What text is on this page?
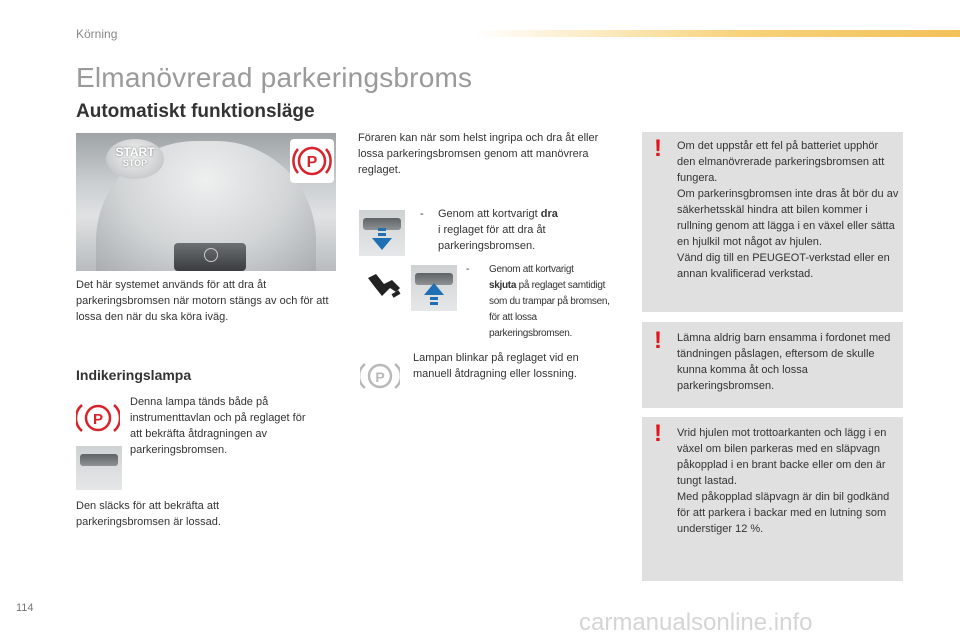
Körning
Elmanövrerad parkeringsbroms
Automatiskt funktionsläge
START
STOP	P
Det här systemet används för att dra åt parkeringsbromsen när motorn stängs av och för att lossa den när du ska köra iväg.
Indikeringslampa
P
Denna lampa tänds både på instrumenttavlan och på reglaget för att bekräfta åtdragningen av parkeringsbromsen.
Den släcks för att bekräfta att parkeringsbromsen är lossad.
Föraren kan när som helst ingripa och dra åt eller lossa parkeringsbromsen genom att manövrera reglaget.
-	Genom att kortvarigt dra
i reglaget för att dra åt parkeringsbromsen.
-	Genom att kortvarigt
skjuta på reglaget samtidigt som du trampar på bromsen, för att lossa parkeringsbromsen.
P
Lampan blinkar på reglaget vid en manuell åtdragning eller lossning.
! Om det uppstår ett fel på batteriet upphör den elmanövrerade parkeringsbromsen att fungera.
Om parkerinsgbromsen inte dras åt bör du av säkerhetsskäl hindra att bilen kommer i rullning genom att lägga i en växel eller sätta en hjulkil mot något av hjulen.
Vänd dig till en PEUGEOT-verkstad eller en annan kvalificerad verkstad.
! Lämna aldrig barn ensamma i fordonet med tändningen påslagen, eftersom de skulle kunna komma åt och lossa parkeringsbromsen.
! Vrid hjulen mot trottoarkanten och lägg i en växel om bilen parkeras med en släpvagn påkopplad i en brant backe eller om den är tungt lastad.
Med påkopplad släpvagn är din bil godkänd för att parkera i backar med en lutning som understiger 12 %.
114
carmanualsonline.info
